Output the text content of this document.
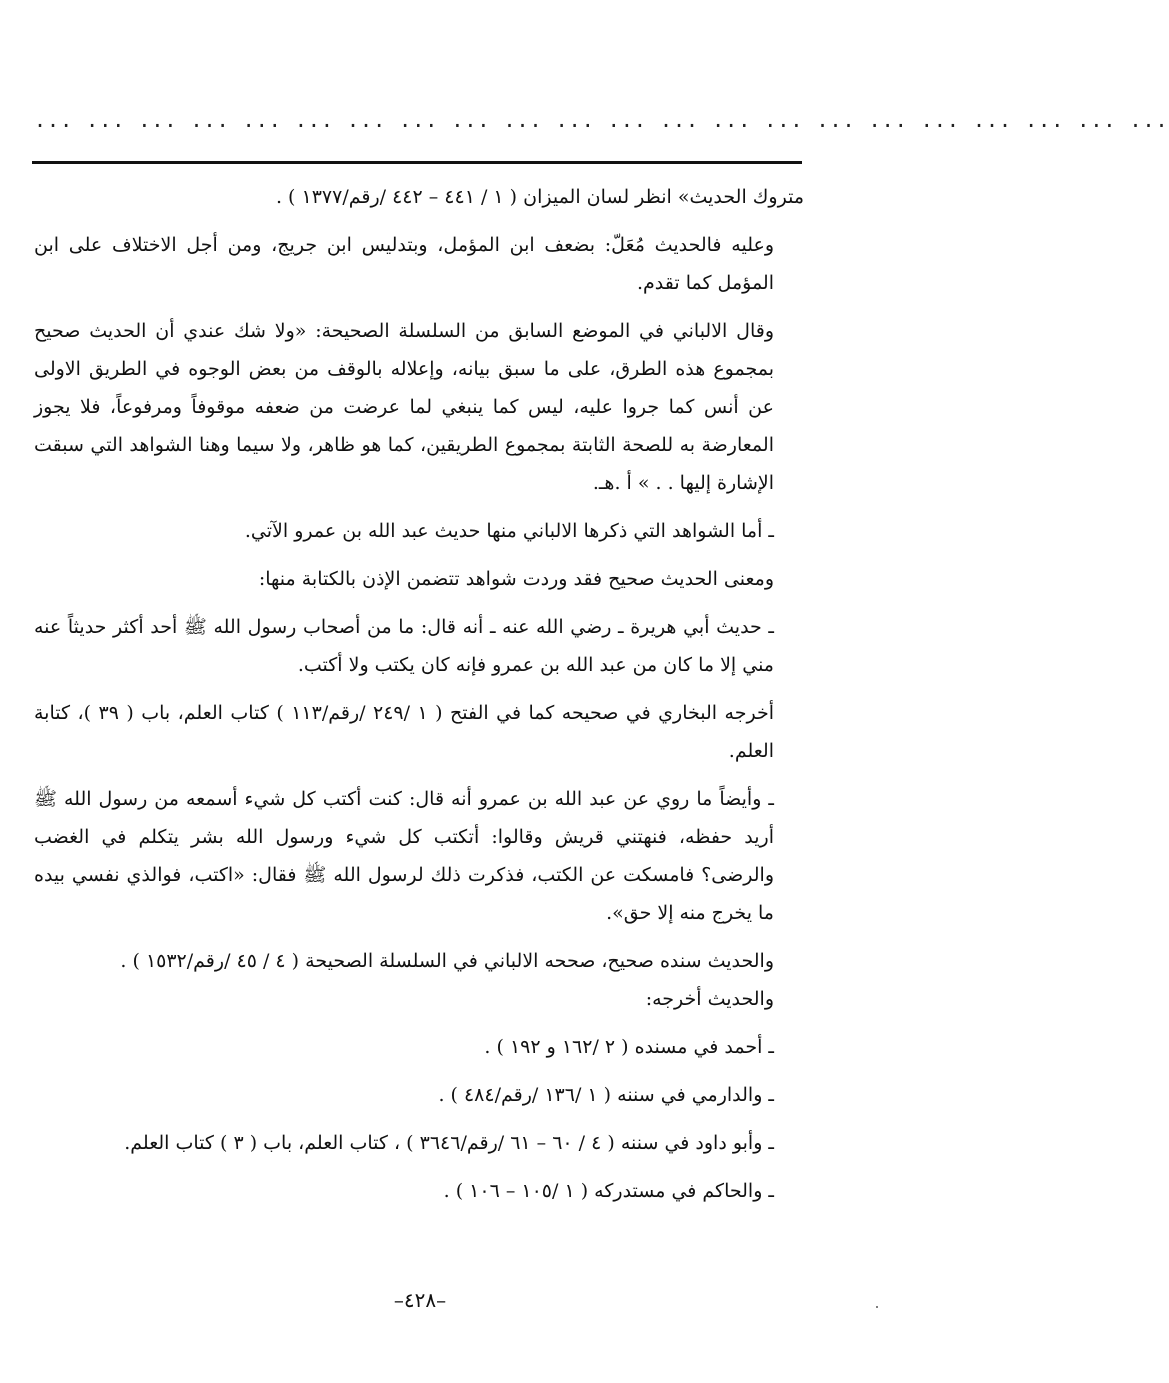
... ... ... ... ... ... ... ... ... ... ... ... ... ... ... ... ... ... ... ... ... ...

متروك الحديث» انظر لسان الميزان ( ١ / ٤٤١ – ٤٤٢ /رقم/١٣٧٧ ) .

وعليه فالحديث مُعَلّ: بضعف ابن المؤمل، وبتدليس ابن جريج، ومن أجل الاختلاف على ابن المؤمل كما تقدم.

وقال الالباني في الموضع السابق من السلسلة الصحيحة: «ولا شك عندي أن الحديث صحيح بمجموع هذه الطرق، على ما سبق بيانه، وإعلاله بالوقف من بعض الوجوه في الطريق الاولى عن أنس كما جروا عليه، ليس كما ينبغي لما عرضت من ضعفه موقوفاً ومرفوعاً، فلا يجوز المعارضة به للصحة الثابتة بمجموع الطريقين، كما هو ظاهر، ولا سيما وهنا الشواهد التي سبقت الإشارة إليها . . » أ .هـ.

ـ أما الشواهد التي ذكرها الالباني منها حديث عبد الله بن عمرو الآتي.

ومعنى الحديث صحيح فقد وردت شواهد تتضمن الإذن بالكتابة منها:

ـ حديث أبي هريرة ـ رضي الله عنه ـ أنه قال: ما من أصحاب رسول الله ﷺ أحد أكثر حديثاً عنه مني إلا ما كان من عبد الله بن عمرو فإنه كان يكتب ولا أكتب.

أخرجه البخاري في صحيحه كما في الفتح ( ١ /٢٤٩ /رقم/١١٣ ) كتاب العلم، باب ( ٣٩ )، كتابة العلم.

ـ وأيضاً ما روي عن عبد الله بن عمرو أنه قال: كنت أكتب كل شيء أسمعه من رسول الله ﷺ أريد حفظه، فنهتني قريش وقالوا: أتكتب كل شيء ورسول الله بشر يتكلم في الغضب والرضى؟ فامسكت عن الكتب، فذكرت ذلك لرسول الله ﷺ فقال: «اكتب، فوالذي نفسي بيده ما يخرج منه إلا حق».

والحديث سنده صحيح، صححه الالباني في السلسلة الصحيحة ( ٤ / ٤٥ /رقم/١٥٣٢ ) .

والحديث أخرجه:

ـ أحمد في مسنده ( ٢ /١٦٢ و ١٩٢ ) .

ـ والدارمي في سننه ( ١ /١٣٦ /رقم/٤٨٤ ) .

ـ وأبو داود في سننه ( ٤ / ٦٠ – ٦١ /رقم/٣٦٤٦ ) ، كتاب العلم، باب ( ٣ ) كتاب العلم.

ـ والحاكم في مستدركه ( ١ /١٠٥ – ١٠٦ ) .

–٤٢٨–
